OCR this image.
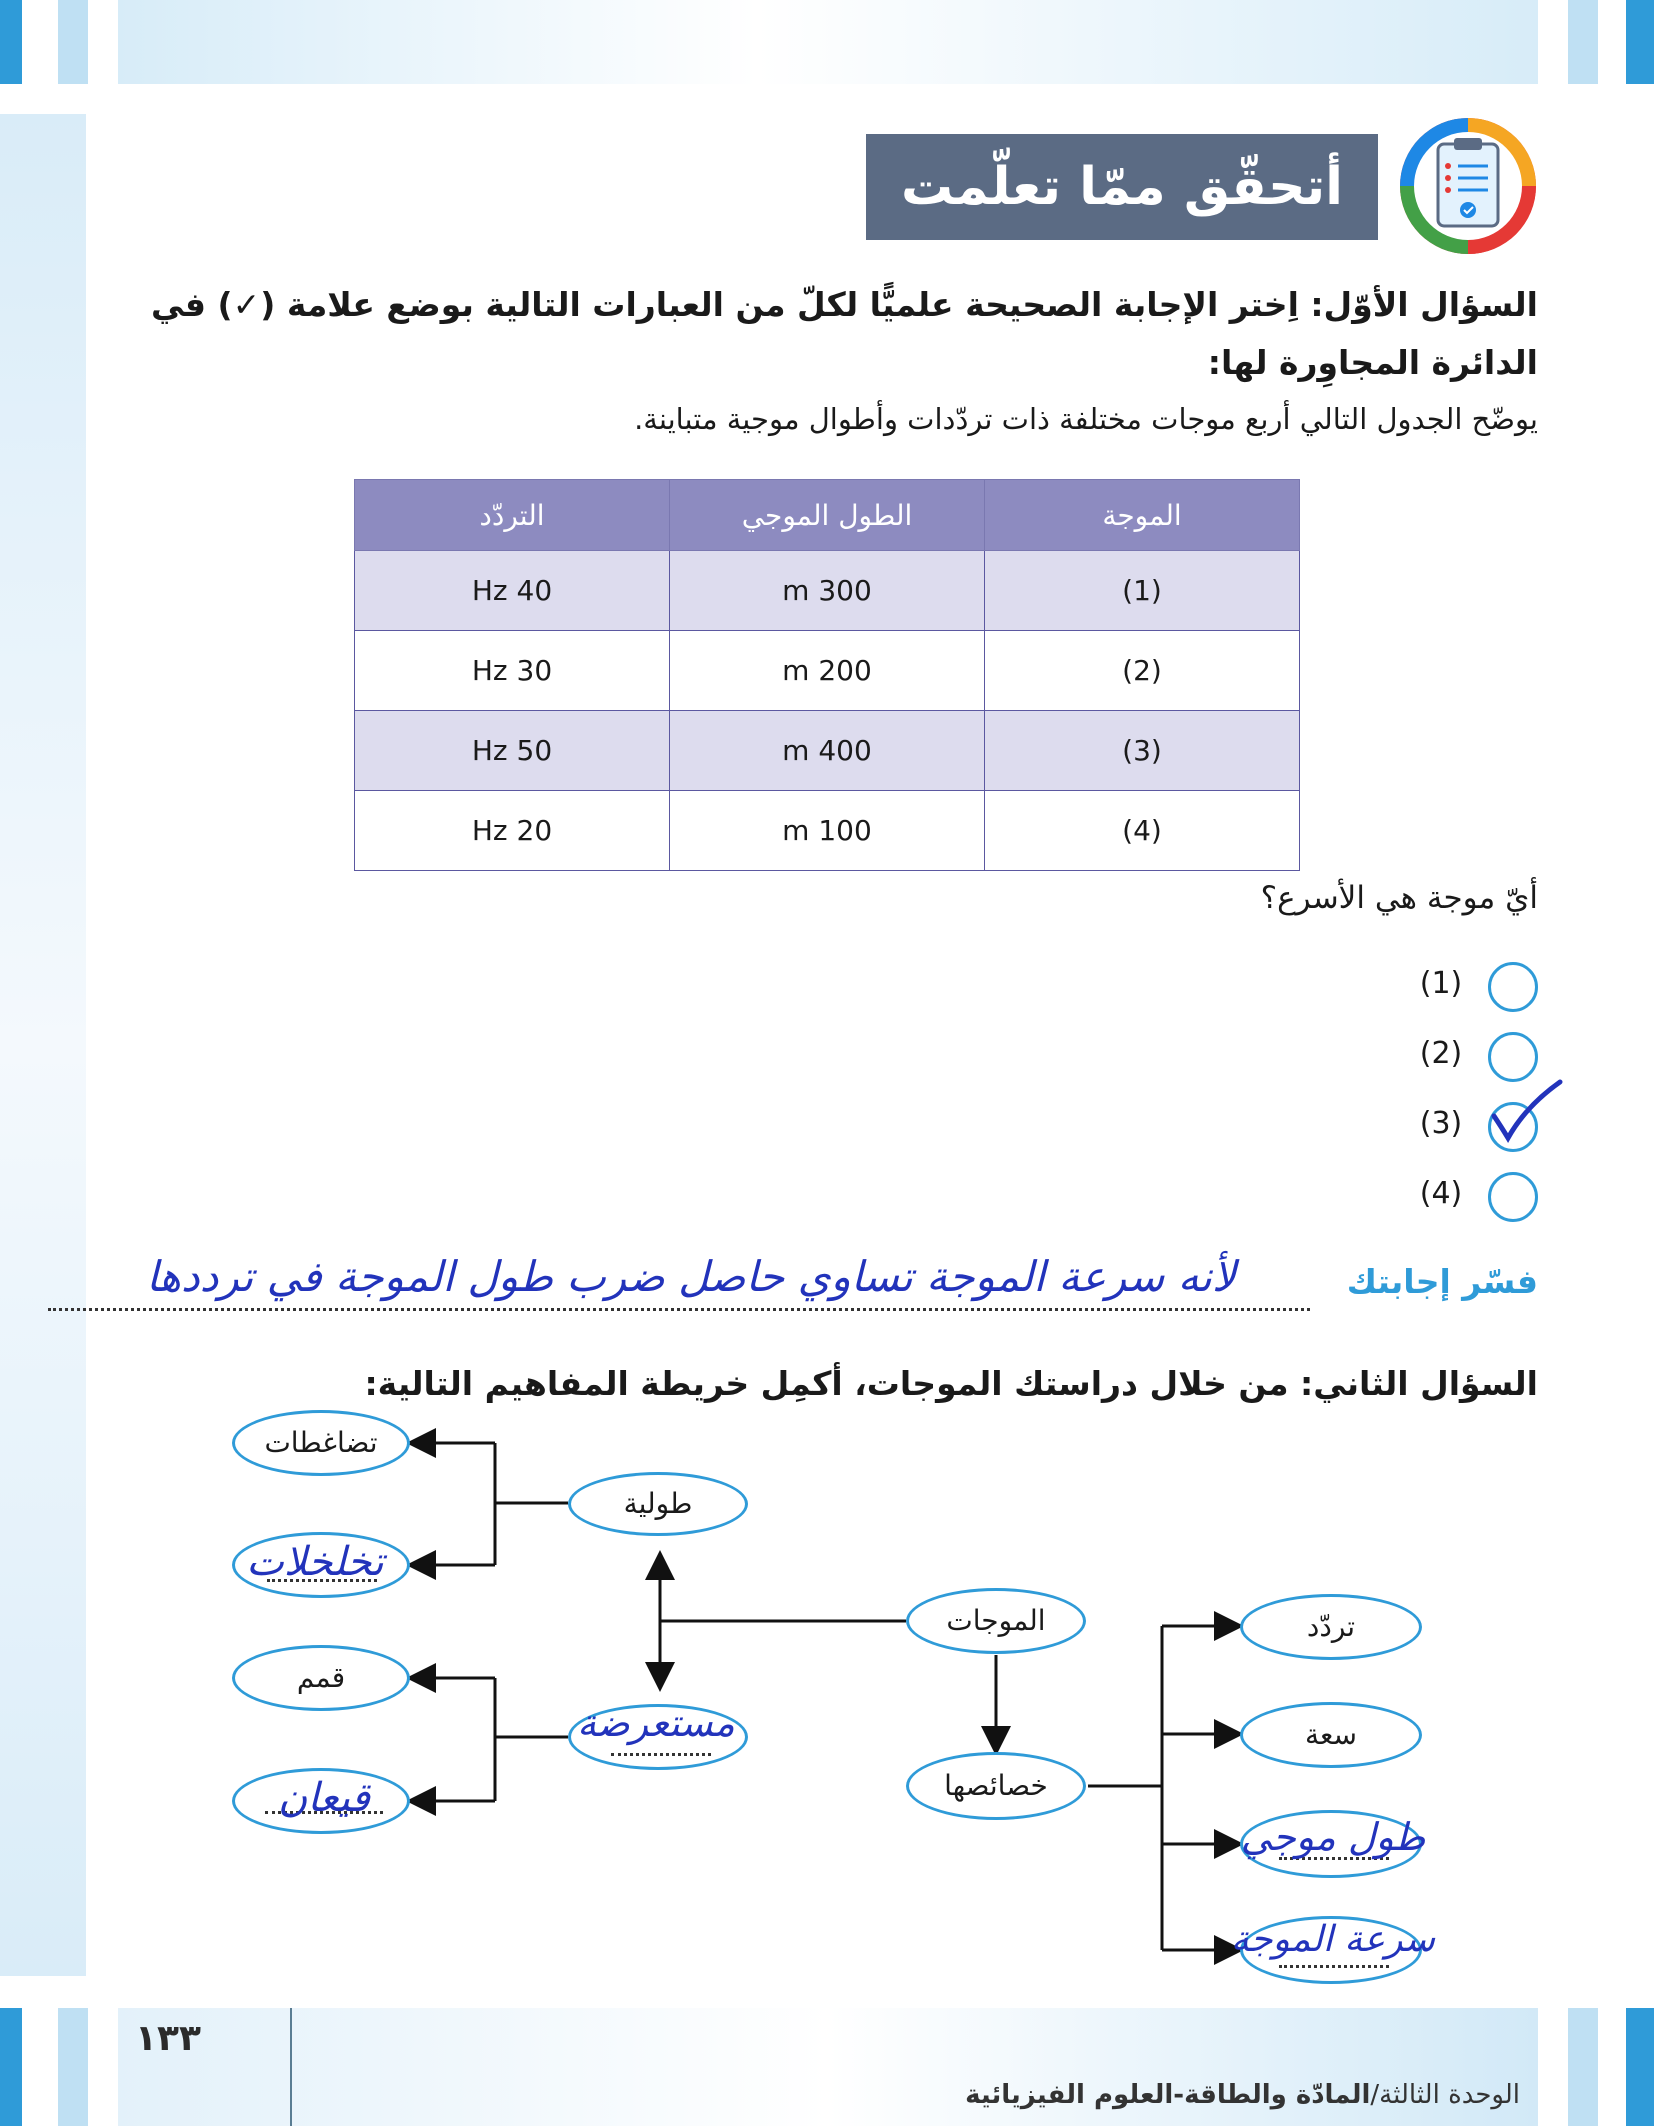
أتحقّق ممّا تعلّمت
السؤال الأوّل: اِختر الإجابة الصحيحة علميًّا لكلّ من العبارات التالية بوضع علامة (✓) في الدائرة المجاوِرة لها:
يوضّح الجدول التالي أربع موجات مختلفة ذات تردّدات وأطوال موجية متباينة.
الموجة	الطول الموجي	التردّد
(1)	300 m	40 Hz
(2)	200 m	30 Hz
(3)	400 m	50 Hz
(4)	100 m	20 Hz
أيّ موجة هي الأسرع؟
(1)
(2)
(3)
(4)
فسّر إجابتك
لأنه سرعة الموجة تساوي حاصل ضرب طول الموجة في ترددها
السؤال الثاني: من خلال دراستك الموجات، أكمِل خريطة المفاهيم التالية:
الموجات
طولية
تضاغطات
تخلخلات
مستعرضة
قمم
قيعان	خصائصها
تردّد
سعة
طول موجي
سرعة الموجة
١٣٣
الوحدة الثالثة/المادّة والطاقة-العلوم الفيزيائية
